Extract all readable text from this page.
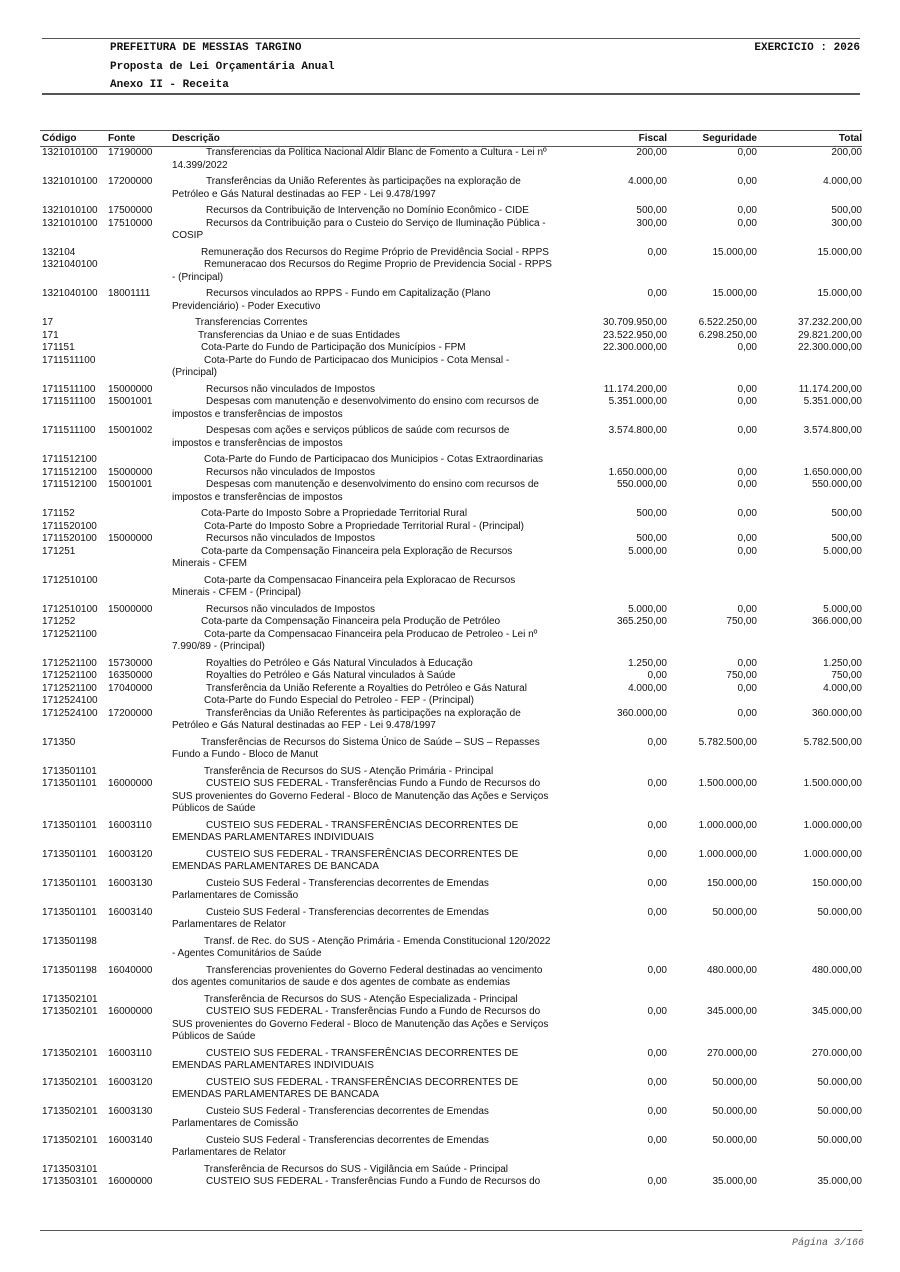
PREFEITURA DE MESSIAS TARGINO	EXERCICIO : 2026
Proposta de Lei Orçamentária Anual
Anexo II - Receita
Código	Fonte	Descrição	Fiscal	Seguridade	Total
1321010100 17190000	Transferencias da Política Nacional Aldir Blanc de Fomento a Cultura - Lei nº 14.399/2022
200,00	0,00	200,00
1321010100 17200000	Transferências da União Referentes às participações na exploração de Petróleo e Gás Natural destinadas ao FEP - Lei 9.478/1997
4.000,00	0,00	4.000,00
1321010100 17500000	Recursos da Contribuição de Intervenção no Domínio Econômico - CIDE	500,00	0,00	500,00
1321010100 17510000	Recursos da Contribuição para o Custeio do Serviço de Iluminação Pública - COSIP
300,00	0,00	300,00
132104	Remuneração dos Recursos do Regime Próprio de Previdência Social - RPPS	0,00	15.000,00	15.000,00
1321040100	Remuneracao dos Recursos do Regime Proprio de Previdencia Social - RPPS - (Principal)
1321040100 18001111	Recursos vinculados ao RPPS - Fundo em Capitalização (Plano Previdenciário) - Poder Executivo
0,00	15.000,00	15.000,00
17	Transferencias Correntes	30.709.950,00	6.522.250,00	37.232.200,00
171	Transferencias da Uniao e de suas Entidades	23.522.950,00	6.298.250,00	29.821.200,00
171151	Cota-Parte do Fundo de Participação dos Municípios - FPM	22.300.000,00	0,00	22.300.000,00
1711511100	Cota-Parte do Fundo de Participacao dos Municipios - Cota Mensal - (Principal)
1711511100 15000000	Recursos não vinculados de Impostos	11.174.200,00	0,00	11.174.200,00
1711511100 15001001	Despesas com manutenção e desenvolvimento do ensino com recursos de impostos e transferências de impostos
5.351.000,00	0,00	5.351.000,00
1711511100 15001002	Despesas com ações e serviços públicos de saúde com recursos de impostos e transferências de impostos
3.574.800,00	0,00	3.574.800,00
1711512100	Cota-Parte do Fundo de Participacao dos Municipios - Cotas Extraordinarias
1711512100 15000000	Recursos não vinculados de Impostos	1.650.000,00	0,00	1.650.000,00
1711512100 15001001	Despesas com manutenção e desenvolvimento do ensino com recursos de impostos e transferências de impostos
550.000,00	0,00	550.000,00
171152	Cota-Parte do Imposto Sobre a Propriedade Territorial Rural	500,00	0,00	500,00
1711520100	Cota-Parte do Imposto Sobre a Propriedade Territorial Rural - (Principal)
1711520100 15000000	Recursos não vinculados de Impostos	500,00	0,00	500,00
171251	Cota-parte da Compensação Financeira pela Exploração de Recursos Minerais - CFEM
5.000,00	0,00	5.000,00
1712510100	Cota-parte da Compensacao Financeira pela Exploracao de Recursos Minerais - CFEM - (Principal)
1712510100 15000000	Recursos não vinculados de Impostos	5.000,00	0,00	5.000,00
171252	Cota-parte da Compensação Financeira pela Produção de Petróleo	365.250,00	750,00	366.000,00
1712521100	Cota-parte da Compensacao Financeira pela Producao de Petroleo - Lei nº 7.990/89 - (Principal)
1712521100 15730000	Royalties do Petróleo e Gás Natural Vinculados à Educação	1.250,00	0,00	1.250,00
1712521100 16350000	Royalties do Petróleo e Gás Natural vinculados à Saúde	0,00	750,00	750,00
1712521100 17040000	Transferência da União Referente a Royalties do Petróleo e Gás Natural	4.000,00	0,00	4.000,00
1712524100	Cota-Parte do Fundo Especial do Petroleo - FEP - (Principal)
1712524100 17200000	Transferências da União Referentes às participações na exploração de Petróleo e Gás Natural destinadas ao FEP - Lei 9.478/1997
360.000,00	0,00	360.000,00
171350	Transferências de Recursos do Sistema Único de Saúde – SUS – Repasses Fundo a Fundo - Bloco de Manut
0,00	5.782.500,00	5.782.500,00
1713501101	Transferência de Recursos do SUS - Atenção Primária - Principal
1713501101 16000000	CUSTEIO SUS FEDERAL - Transferências Fundo a Fundo de Recursos do SUS provenientes do Governo Federal - Bloco de Manutenção das Ações e Serviços Públicos de Saúde
0,00	1.500.000,00	1.500.000,00
1713501101 16003110	CUSTEIO SUS FEDERAL - TRANSFERÊNCIAS DECORRENTES DE EMENDAS PARLAMENTARES INDIVIDUAIS
0,00	1.000.000,00	1.000.000,00
1713501101 16003120	CUSTEIO SUS FEDERAL - TRANSFERÊNCIAS DECORRENTES DE EMENDAS PARLAMENTARES DE BANCADA
0,00	1.000.000,00	1.000.000,00
1713501101 16003130	Custeio SUS Federal - Transferencias decorrentes de Emendas Parlamentares de Comissão
0,00	150.000,00	150.000,00
1713501101 16003140	Custeio SUS Federal - Transferencias decorrentes de Emendas Parlamentares de Relator
0,00	50.000,00	50.000,00
1713501198	Transf. de Rec. do SUS - Atenção Primária - Emenda Constitucional 120/2022 - Agentes Comunitários de Saúde
1713501198 16040000	Transferencias provenientes do Governo Federal destinadas ao vencimento dos agentes comunitarios de saude e dos agentes de combate as endemias
0,00	480.000,00	480.000,00
1713502101	Transferência de Recursos do SUS - Atenção Especializada - Principal
1713502101 16000000	CUSTEIO SUS FEDERAL - Transferências Fundo a Fundo de Recursos do SUS provenientes do Governo Federal - Bloco de Manutenção das Ações e Serviços Públicos de Saúde
0,00	345.000,00	345.000,00
1713502101 16003110	CUSTEIO SUS FEDERAL - TRANSFERÊNCIAS DECORRENTES DE EMENDAS PARLAMENTARES INDIVIDUAIS
0,00	270.000,00	270.000,00
1713502101 16003120	CUSTEIO SUS FEDERAL - TRANSFERÊNCIAS DECORRENTES DE EMENDAS PARLAMENTARES DE BANCADA
0,00	50.000,00	50.000,00
1713502101 16003130	Custeio SUS Federal - Transferencias decorrentes de Emendas Parlamentares de Comissão
0,00	50.000,00	50.000,00
1713502101 16003140	Custeio SUS Federal - Transferencias decorrentes de Emendas Parlamentares de Relator
0,00	50.000,00	50.000,00
1713503101	Transferência de Recursos do SUS - Vigilância em Saúde - Principal
1713503101 16000000	CUSTEIO SUS FEDERAL - Transferências Fundo a Fundo de Recursos do	0,00	35.000,00	35.000,00
Página 3/166
